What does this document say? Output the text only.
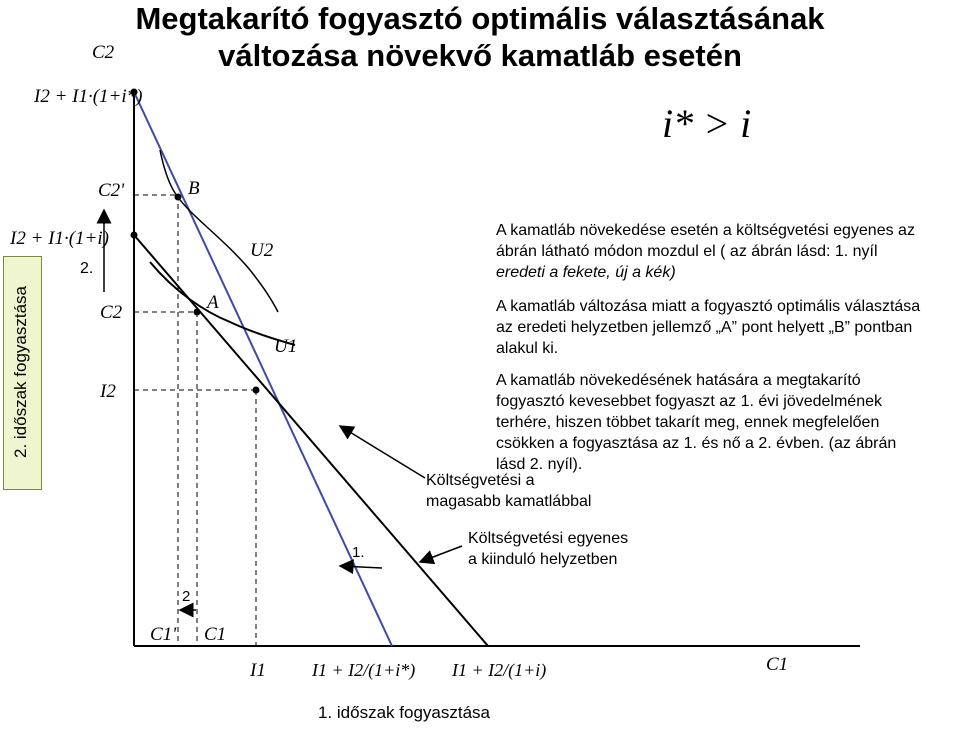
Megtakarító fogyasztó optimális választásának
változása növekvő kamatláb esetén
i* > i
2. időszak fogyasztása
C2
I2 + I1·(1+i*)
C2'
I2 + I1·(1+i)
2.
C2
I2
B
A
U2
U1
1.
2
C1' C1
I1	I1 + I2/(1+i*) I1 + I2/(1+i)	C1
1. időszak fogyasztása
A kamatláb növekedése esetén a költségvetési egyenes az
ábrán látható módon mozdul el ( az ábrán lásd: 1. nyíl
eredeti a fekete, új a kék)
A kamatláb változása miatt a fogyasztó optimális választása
az eredeti helyzetben jellemző „A” pont helyett „B” pontban
alakul ki.
A kamatláb növekedésének hatására a megtakarító
fogyasztó kevesebbet fogyaszt az 1. évi jövedelmének
terhére, hiszen többet takarít meg, ennek megfelelően
csökken a fogyasztása az 1. és nő a 2. évben. (az ábrán
lásd 2. nyíl).
Költségvetési a
magasabb kamatlábbal
Költségvetési egyenes
a kiinduló helyzetben
